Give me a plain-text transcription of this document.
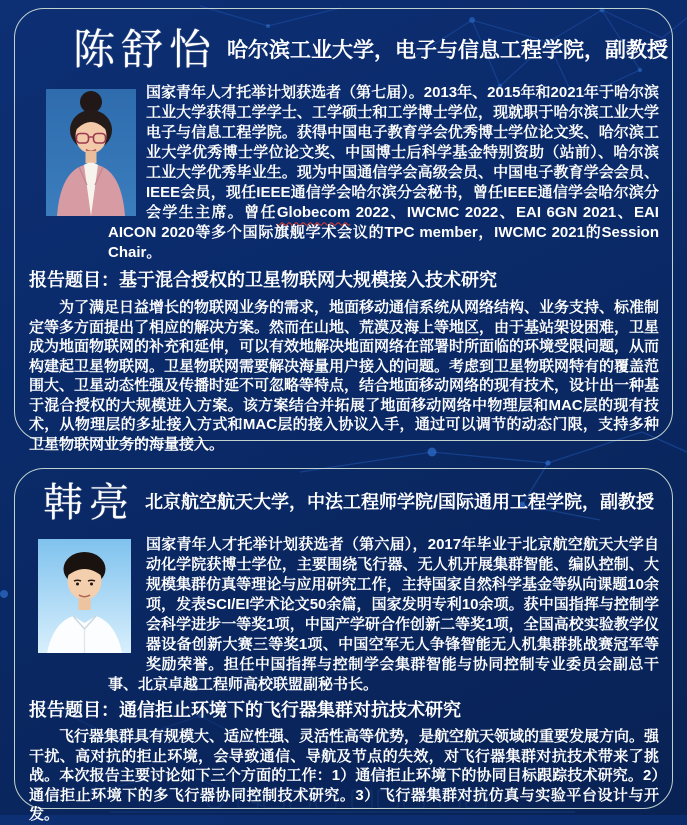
陈舒怡 哈尔滨工业大学，电子与信息工程学院，副教授

国家青年人才托举计划获选者（第七届）。2013年、2015年和2021年于哈尔滨工业大学获得工学学士、工学硕士和工学博士学位，现就职于哈尔滨工业大学电子与信息工程学院。获得中国电子教育学会优秀博士学位论文奖、哈尔滨工业大学优秀博士学位论文奖、中国博士后科学基金特别资助（站前）、哈尔滨工业大学优秀毕业生。现为中国通信学会高级会员、中国电子教育学会会员、IEEE会员，现任IEEE通信学会哈尔滨分会秘书，曾任IEEE通信学会哈尔滨分会学生主席。曾任Globecom 2022、IWCMC 2022、EAI 6GN 2021、EAI AICON 2020等多个国际旗舰学术会议的TPC member，IWCMC 2021的Session Chair。

报告题目：基于混合授权的卫星物联网大规模接入技术研究

为了满足日益增长的物联网业务的需求，地面移动通信系统从网络结构、业务支持、标准制定等多方面提出了相应的解决方案。然而在山地、荒漠及海上等地区，由于基站架设困难，卫星成为地面物联网的补充和延伸，可以有效地解决地面网络在部署时所面临的环境受限问题，从而构建起卫星物联网。卫星物联网需要解决海量用户接入的问题。考虑到卫星物联网特有的覆盖范围大、卫星动态性强及传播时延不可忽略等特点，结合地面移动网络的现有技术，设计出一种基于混合授权的大规模进入方案。该方案结合并拓展了地面移动网络中物理层和MAC层的现有技术，从物理层的多址接入方式和MAC层的接入协议入手，通过可以调节的动态门限，支持多种卫星物联网业务的海量接入。

韩亮 北京航空航天大学，中法工程师学院/国际通用工程学院，副教授

国家青年人才托举计划获选者（第六届），2017年毕业于北京航空航天大学自动化学院获博士学位，主要围绕飞行器、无人机开展集群智能、编队控制、大规模集群仿真等理论与应用研究工作，主持国家自然科学基金等纵向课题10余项，发表SCI/EI学术论文50余篇，国家发明专利10余项。获中国指挥与控制学会科学进步一等奖1项，中国产学研合作创新二等奖1项，全国高校实验教学仪器设备创新大赛三等奖1项、中国空军无人争锋智能无人机集群挑战赛冠军等奖励荣誉。担任中国指挥与控制学会集群智能与协同控制专业委员会副总干事、北京卓越工程师高校联盟副秘书长。

报告题目：通信拒止环境下的飞行器集群对抗技术研究

飞行器集群具有规模大、适应性强、灵活性高等优势，是航空航天领域的重要发展方向。强干扰、高对抗的拒止环境，会导致通信、导航及节点的失效，对飞行器集群对抗技术带来了挑战。本次报告主要讨论如下三个方面的工作：1）通信拒止环境下的协同目标跟踪技术研究。2）通信拒止环境下的多飞行器协同控制技术研究。3）飞行器集群对抗仿真与实验平台设计与开发。
